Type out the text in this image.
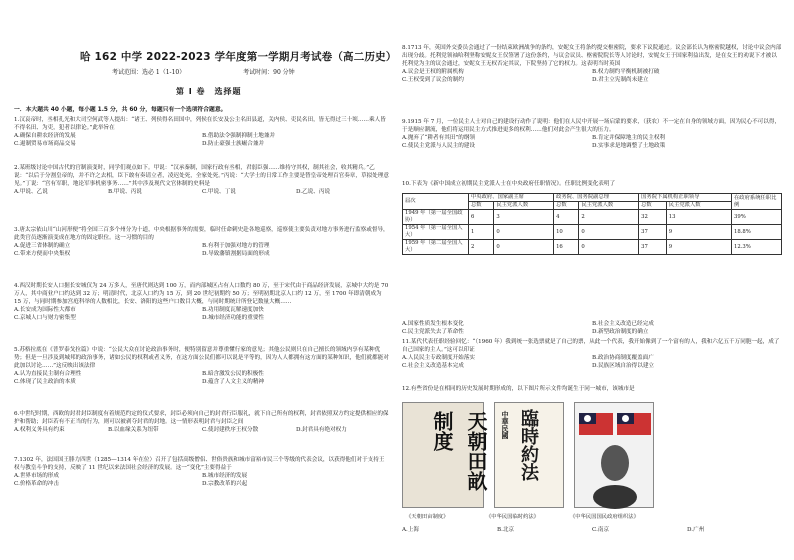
哈 162 中学 2022-2023 学年度第一学期月考试卷（高二历史）
考试范围：选必 1（1-10）	考试时间：90 分钟
第 I 卷　选择题
一．本大题共 40 小题，每小题 1.5 分，共 60 分，每题只有一个选项符合题意。
1.汉哀帝时，丞相孔光和大司空何武等人提出：“诸王、列侯得名田国中，列侯在长安及公主名田县道，关内侯、吏民名田，皆无得过三十顷……乘人皆不得名田、为吏，犯者以律论。”此举旨在
A.确保自耕农经济的发展	B.借助法令强制抑制土地兼并
C.遏制贸易市场商品交易	D.防止豪强士族崛合兼并
2.某班级讨论中国古代的官制演变时，同学们观点如下。甲说：“汉承秦制，国家行政有丞相，君弱臣强……维持守其权，制其社会，收其精兵。”乙说：“以后于分割皇帝的，并不许之去相，臣下敢有奏请立者，凌迟处死，全家处死。”丙说：“大学士的日常工作主要是替皇帝处理百官奏章，草拟处理意见。”丁说：“宫有军职，地论军事机密事务……”其中涉及现代文官体制的史料是
A.甲说、乙说	B.甲说、丙说	C.甲说、丁说	D.乙说、丙说
3.唐太宗依山川“山河形便”将全国三百多个州分为十道，中央根据事务的需要，临时任命刺史赴各地巡察，巡察使主要负责对地方事务进行监察或督导，此类官员逐渐演变成在地方的固定职位。这一习惯的目的
A.促进三省体制的确立	B.有利于加强对地方的管理
C.带来方便而中央集权	D.导致藩镇割据局面的形成
4.西汉时期长安人口据长安城仅为 24 万多人，至唐代则达到 100 万，而内部城区占有人口数约 80 万，至于宋代由于商品经济发展，京城中大约是 70 万人，其中商业户口约达到 32 万；明清时代，北京人口约为 15 万，到 20 世纪初期约 50 万；至明初期北京人口约 12 万，至 1700 年即清朝成为 15 万，与同时期参加宫庭科举的人数相比，长安、洛阳的这些户口数目大概，与同时期统计所登记数量大概……
A.长安成为国际性大都市	B.功用制度瓦解速度加快
C.京城人口与财力密集型	D.城市经济功能的重要性
5.苏格拉底在《普罗泰戈拉篇》中说：“公民大众在讨论政治事务时，便特别留意并尊重懂行家的意见；其他公民则只在自己擅长的领域内享有某种优势；但是一旦涉及到城邦的政治事务，诸如公民的权利或者义务，在这方面公民们都可以说是平等的，因为人人都拥有这方面的某种知识，他们就都能对此加以讨论……”这反映出该法律
A.认为直接民主制有合理性	B.暗含激发公民的积极性
C.体现了民主政治的本质	D.蕴含了人文主义的精神
6.中世纪时期，西欧的封君封臣制度有着规范约定的仪式要求，封臣必须向自己的封君行臣服礼，就下自己所有的权利，封君依照双方约定提供相应的保护和帮助；封臣若有不正当的行为，则可以被剥夺封君的封地。这一情形表明封君与封臣之间
A.权利义务具有约束	B.以血缘关系为纽带	C.使封建秩序王权分散	D.封君具有绝对权力
7.1302 年，法国国王腓力四世（1285—1314 年在位）召开了包括高级僧侣、世俗贵族和城市富裕市民三个等级的代表会议，以获得他们对于支持王权与教皇斗争的支持，反映了 11 世纪以来法国社会经济的发展。这一“变化”主要得益于
A.世界市场的形成	B.城市经济的发展
C.价格革命的冲击	D.宗教改革的兴起
8.1713 年，英国外交委员会通过了一份结束欧洲战争的条约，安妮女王将条约提交枢密院，要求下议院通过。议会部长认为枢密院越权，讨论中议会内部出现分歧。托利党领袖哈利坚称安妮女王仅签署了这份条约，与议会议员、枢密院院长等人讨论时，安妮女王于国家利益出发，是在女王的劝说下才被以托利党为主的议会通过，安妮女王无权否定其议，下院坚持了它的权力。这表明当时英国
A.议会是王权的附属机构	B.权力制约平衡机制被打破
C.王权受到了议会的制约	D.君主立宪制尚未建立
9.1915 年 7 月，一位民主人士对自己的建设行动作了说明：他们在人民中开展一场启蒙的要求，（获农）不一定在自身的领域方面，因为民心不可以得，于是顺应潮流，他们将运用民主方式推进更多的权利……他们对此会产生很大的压力。
A.抛弃了“耕者有其田”的纲领	B.肯定并保障地主的民主权利
C.使民主党派与人民主的建设	D.实事求是地调整了土地政策
10.下表为《新中国成立初期民主党派人士在中央政府任职情况》。任职比例变化表明了
届次	中央政府、国家副主席		政务院、国务院副总理		国务院下属机构正职领导		在政府系统任职比例
	总数	民主党派人数	总数	民主党派人数	总数	民主党派人数	
1949 年（第一届全国政协）	6	3	4	2	32	13	39%
1954 年（第一届全国人大）	1	0	10	0	37	9	18.8%
1959 年（第二届全国人大）	2	0	16	0	37	9	12.3%
A.国家性质发生根本变化	B.社会主义改造已经完成
C.民主党派失去了革命性	D.新型政治制度的确立
11.某代代表任职经验回忆：“（1960 年）我到统一张选票就是了自己的票，从此一个代表，我开始像到了一个富有的人，我和六亿五千万同胞一起，成了自己国家的主人。”这可以印证
A.人民民主专政制度开始落实	B.政治协商制度覆盖面广
C.社会主义改造基本完成	D.民族区域自治得以建立
12.有些省份是在相同的历史发展时期形成的，以下图片所示文件均诞生于同一城市，该城市是
天朝田畝制度	中華民國 臨時約法
《天朝田亩制度》	《中华民国临时约法》	《中华民国国民政府组织法》
A.上海	B.北京	C.南京	D.广州
